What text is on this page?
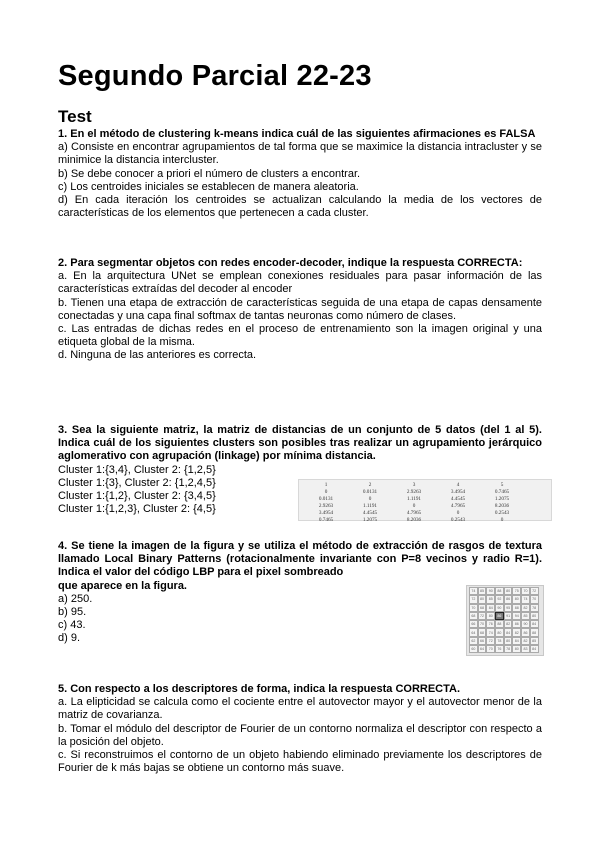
Segundo Parcial 22-23
Test

1. En el método de clustering k-means indica cuál de las siguientes afirmaciones es FALSA

a) Consiste en encontrar agrupamientos de tal forma que se maximice la distancia intracluster y se minimice la distancia intercluster.

b) Se debe conocer a priori el número de clusters a encontrar.

c) Los centroides iniciales se establecen de manera aleatoria.

d) En cada iteración los centroides se actualizan calculando la media de los vectores de características de los elementos que pertenecen a cada cluster.

2. Para segmentar objetos con redes encoder-decoder, indique la respuesta CORRECTA:

a. En la arquitectura UNet se emplean conexiones residuales para pasar información de las características extraídas del decoder al encoder

b. Tienen una etapa de extracción de características seguida de una etapa de capas densamente conectadas y una capa final softmax de tantas neuronas como número de clases.

c. Las entradas de dichas redes en el proceso de entrenamiento son la imagen original y una etiqueta global de la misma.

d. Ninguna de las anteriores es correcta.

3. Sea la siguiente matriz, la matriz de distancias de un conjunto de 5 datos (del 1 al 5). Indica cuál de los siguientes clusters son posibles tras realizar un agrupamiento jerárquico aglomerativo con agrupación (linkage) por mínima distancia.

Cluster 1:{3,4}, Cluster 2: {1,2,5}

Cluster 1:{3}, Cluster 2: {1,2,4,5}

Cluster 1:{1,2}, Cluster 2: {3,4,5}

Cluster 1:{1,2,3}, Cluster 2: {4,5}

1	2	3	4	5
0	0.0131	2.9263	3.4954	0.7465
0.0131	0	1.1191	4.4545	1.2075
2.9263	1.1191	0	4.7965	8.2036
3.4954	4.4545	4.7965	0	0.2543
0.7465	1.2075	8.2036	0.2543	0

4. Se tiene la imagen de la figura y se utiliza el método de extracción de rasgos de textura llamado Local Binary Patterns (rotacionalmente invariante con P=8 vecinos y radio R=1). Indica el valor del código LBP para el pixel sombreado

que aparece en la figura.

a) 250.

b) 95.

c) 43.

d) 9.

74	85	90	88	80	75	70	72
72	80	85	92	86	80	74	70
70	68	84	90	95	88	82	78
68	72	80	86	91	94	85	80
66	70	76	88	82	86	90	84
64	68	74	80	84	82	86	88
62	66	72	78	80	84	82	85
60	64	70	76	78	80	83	84

5. Con respecto a los descriptores de forma, indica la respuesta CORRECTA.

a. La elipticidad se calcula como el cociente entre el autovector mayor y el autovector menor de la matriz de covarianza.

b. Tomar el módulo del descriptor de Fourier de un contorno normaliza el descriptor con respecto a la posición del objeto.

c. Si reconstruimos el contorno de un objeto habiendo eliminado previamente los descriptores de Fourier de k más bajas se obtiene un contorno más suave.
